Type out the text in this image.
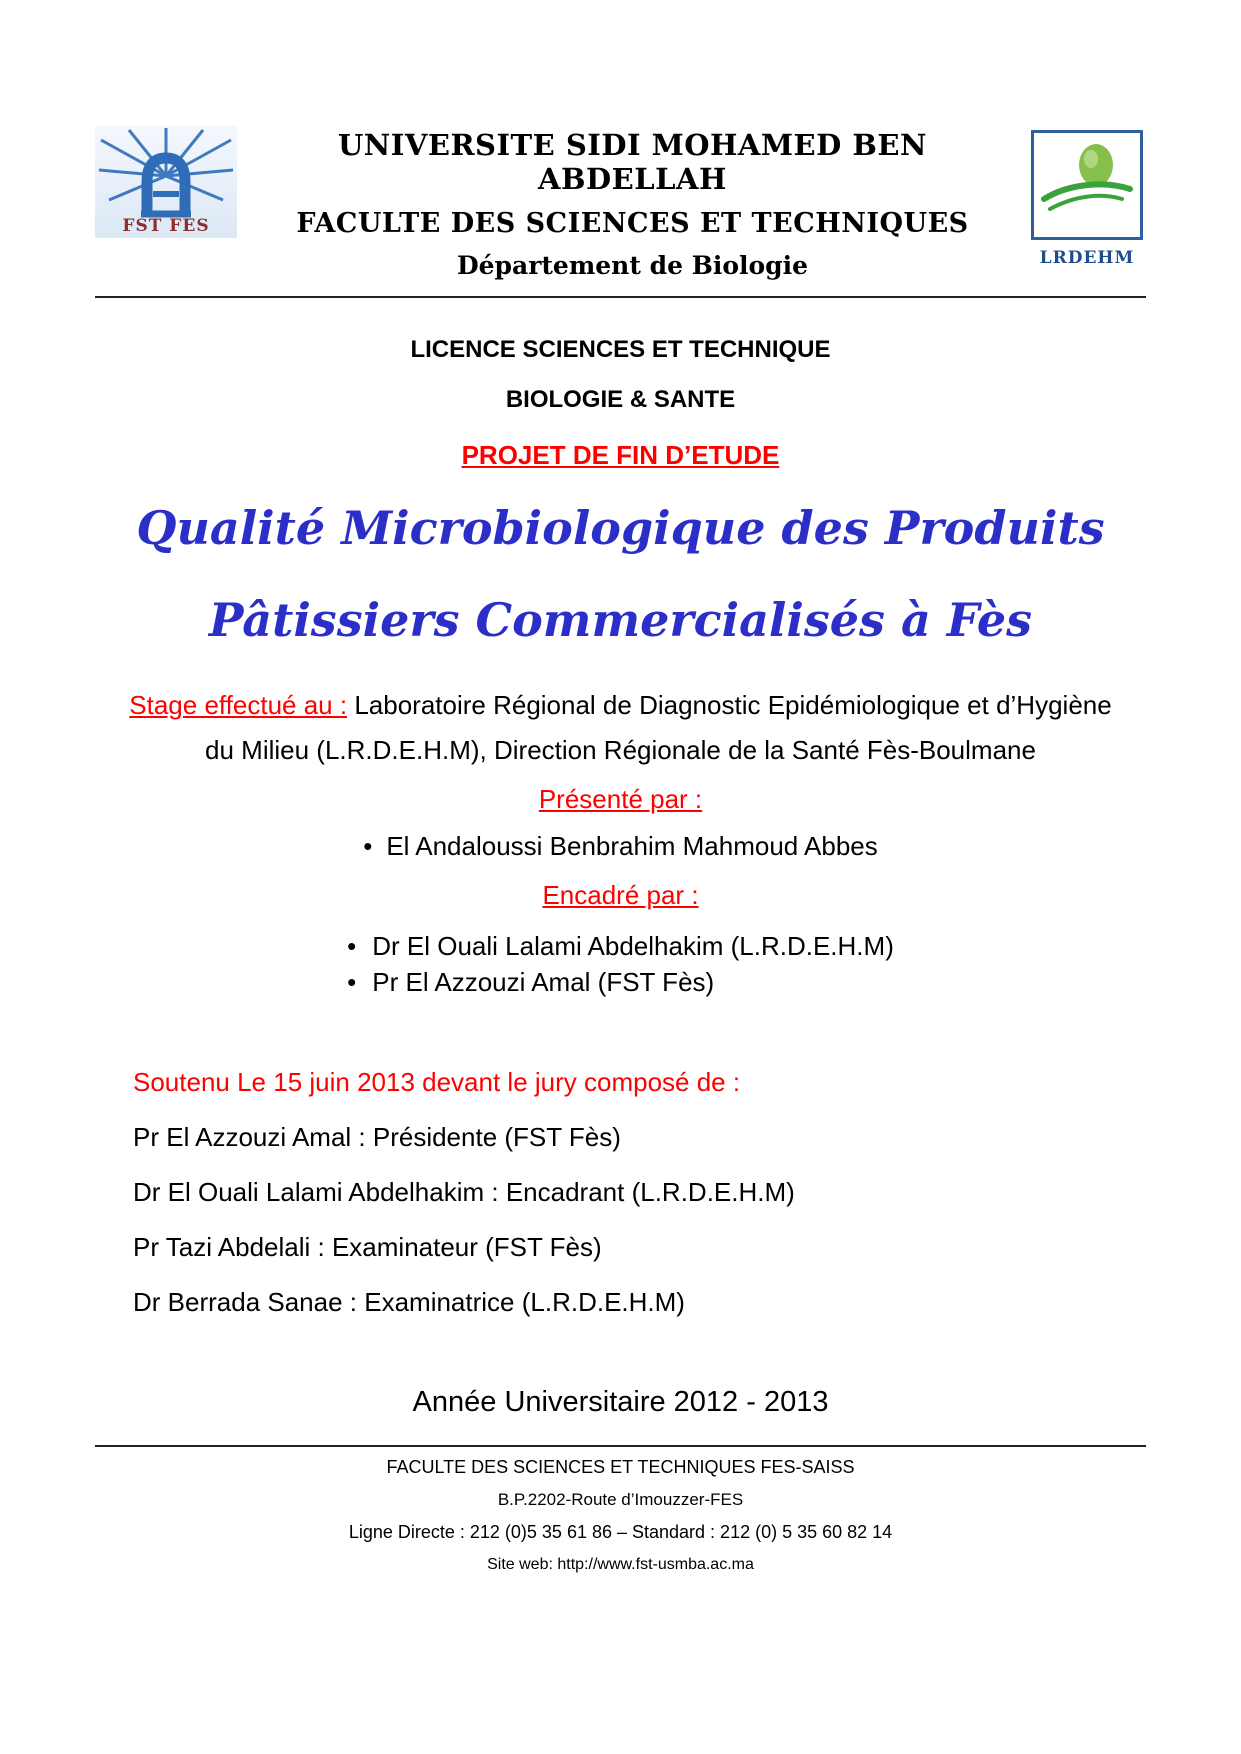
FST FES
UNIVERSITE SIDI MOHAMED BEN ABDELLAH
FACULTE DES SCIENCES ET TECHNIQUES
Département de Biologie	LRDEHM
LICENCE SCIENCES ET TECHNIQUE
BIOLOGIE & SANTE
PROJET DE FIN D’ETUDE
Qualité Microbiologique des Produits
Pâtissiers Commercialisés à Fès

Stage effectué au : Laboratoire Régional de Diagnostic Epidémiologique et d’Hygiène du Milieu (L.R.D.E.H.M), Direction Régionale de la Santé Fès-Boulmane

Présenté par :
• El Andaloussi Benbrahim Mahmoud Abbes
Encadré par :
• Dr El Ouali Lalami Abdelhakim (L.R.D.E.H.M)
• Pr El Azzouzi Amal (FST Fès)
Soutenu Le 15 juin 2013 devant le jury composé de :
Pr El Azzouzi Amal : Présidente (FST Fès)
Dr El Ouali Lalami Abdelhakim : Encadrant (L.R.D.E.H.M)
Pr Tazi Abdelali : Examinateur (FST Fès)
Dr Berrada Sanae : Examinatrice (L.R.D.E.H.M)
Année Universitaire 2012 - 2013
FACULTE DES SCIENCES ET TECHNIQUES FES-SAISS
B.P.2202-Route d’Imouzzer-FES
Ligne Directe : 212 (0)5 35 61 86 – Standard : 212 (0) 5 35 60 82 14
Site web: http://www.fst-usmba.ac.ma
